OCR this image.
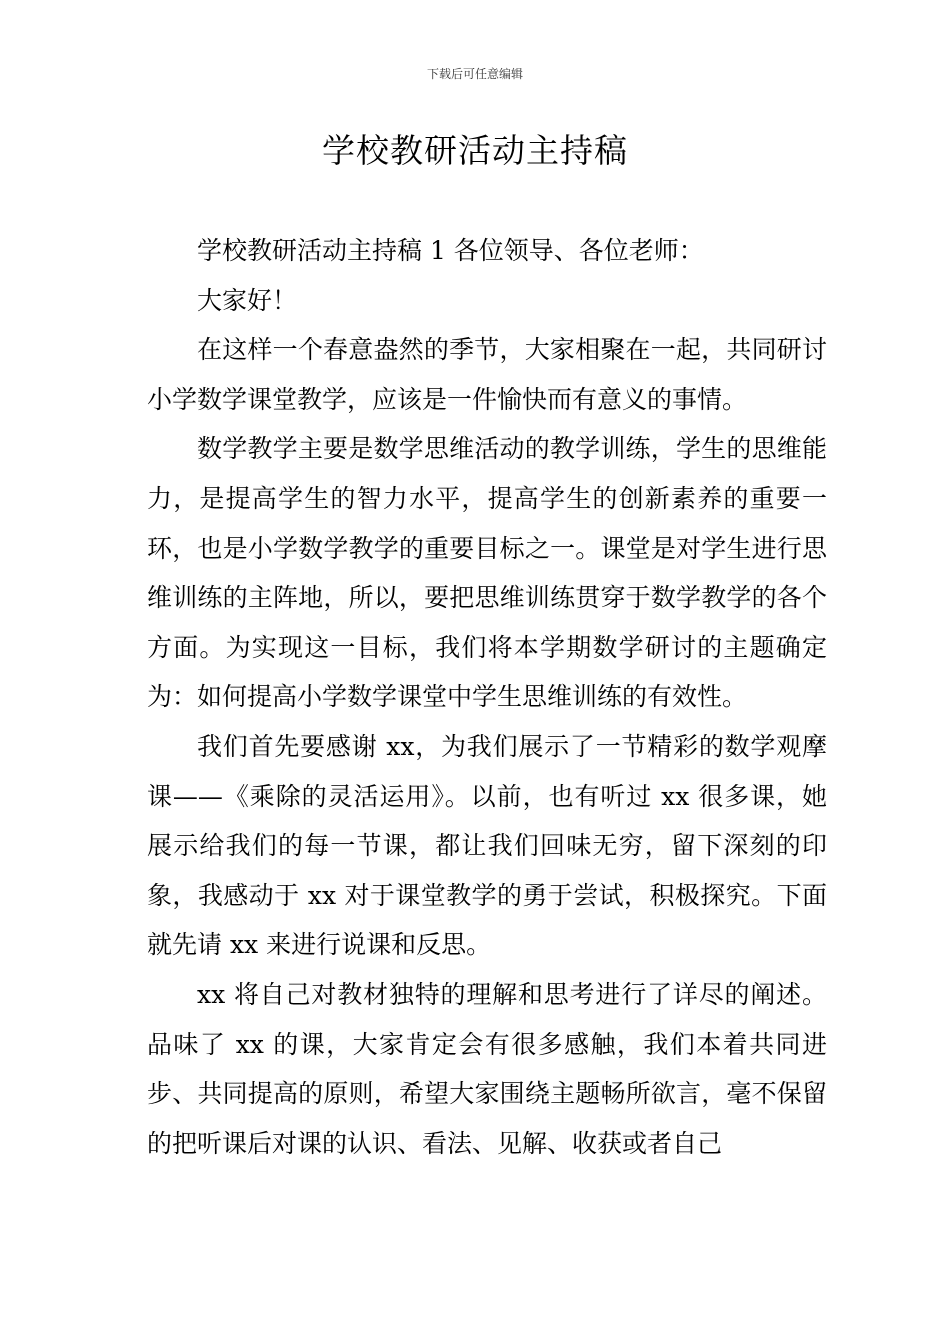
下载后可任意编辑
学校教研活动主持稿

学校教研活动主持稿 1 各位领导、各位老师：

大家好！

在这样一个春意盎然的季节，大家相聚在一起，共同研讨小学数学课堂教学，应该是一件愉快而有意义的事情。

数学教学主要是数学思维活动的教学训练，学生的思维能力，是提高学生的智力水平，提高学生的创新素养的重要一环，也是小学数学教学的重要目标之一。课堂是对学生进行思维训练的主阵地，所以，要把思维训练贯穿于数学教学的各个方面。为实现这一目标，我们将本学期数学研讨的主题确定为：如何提高小学数学课堂中学生思维训练的有效性。

我们首先要感谢 xx，为我们展示了一节精彩的数学观摩课——《乘除的灵活运用》。以前，也有听过 xx 很多课，她展示给我们的每一节课，都让我们回味无穷，留下深刻的印象，我感动于 xx 对于课堂教学的勇于尝试，积极探究。下面就先请 xx 来进行说课和反思。

xx 将自己对教材独特的理解和思考进行了详尽的阐述。品味了 xx 的课，大家肯定会有很多感触，我们本着共同进步、共同提高的原则，希望大家围绕主题畅所欲言，毫不保留的把听课后对课的认识、看法、见解、收获或者自己
